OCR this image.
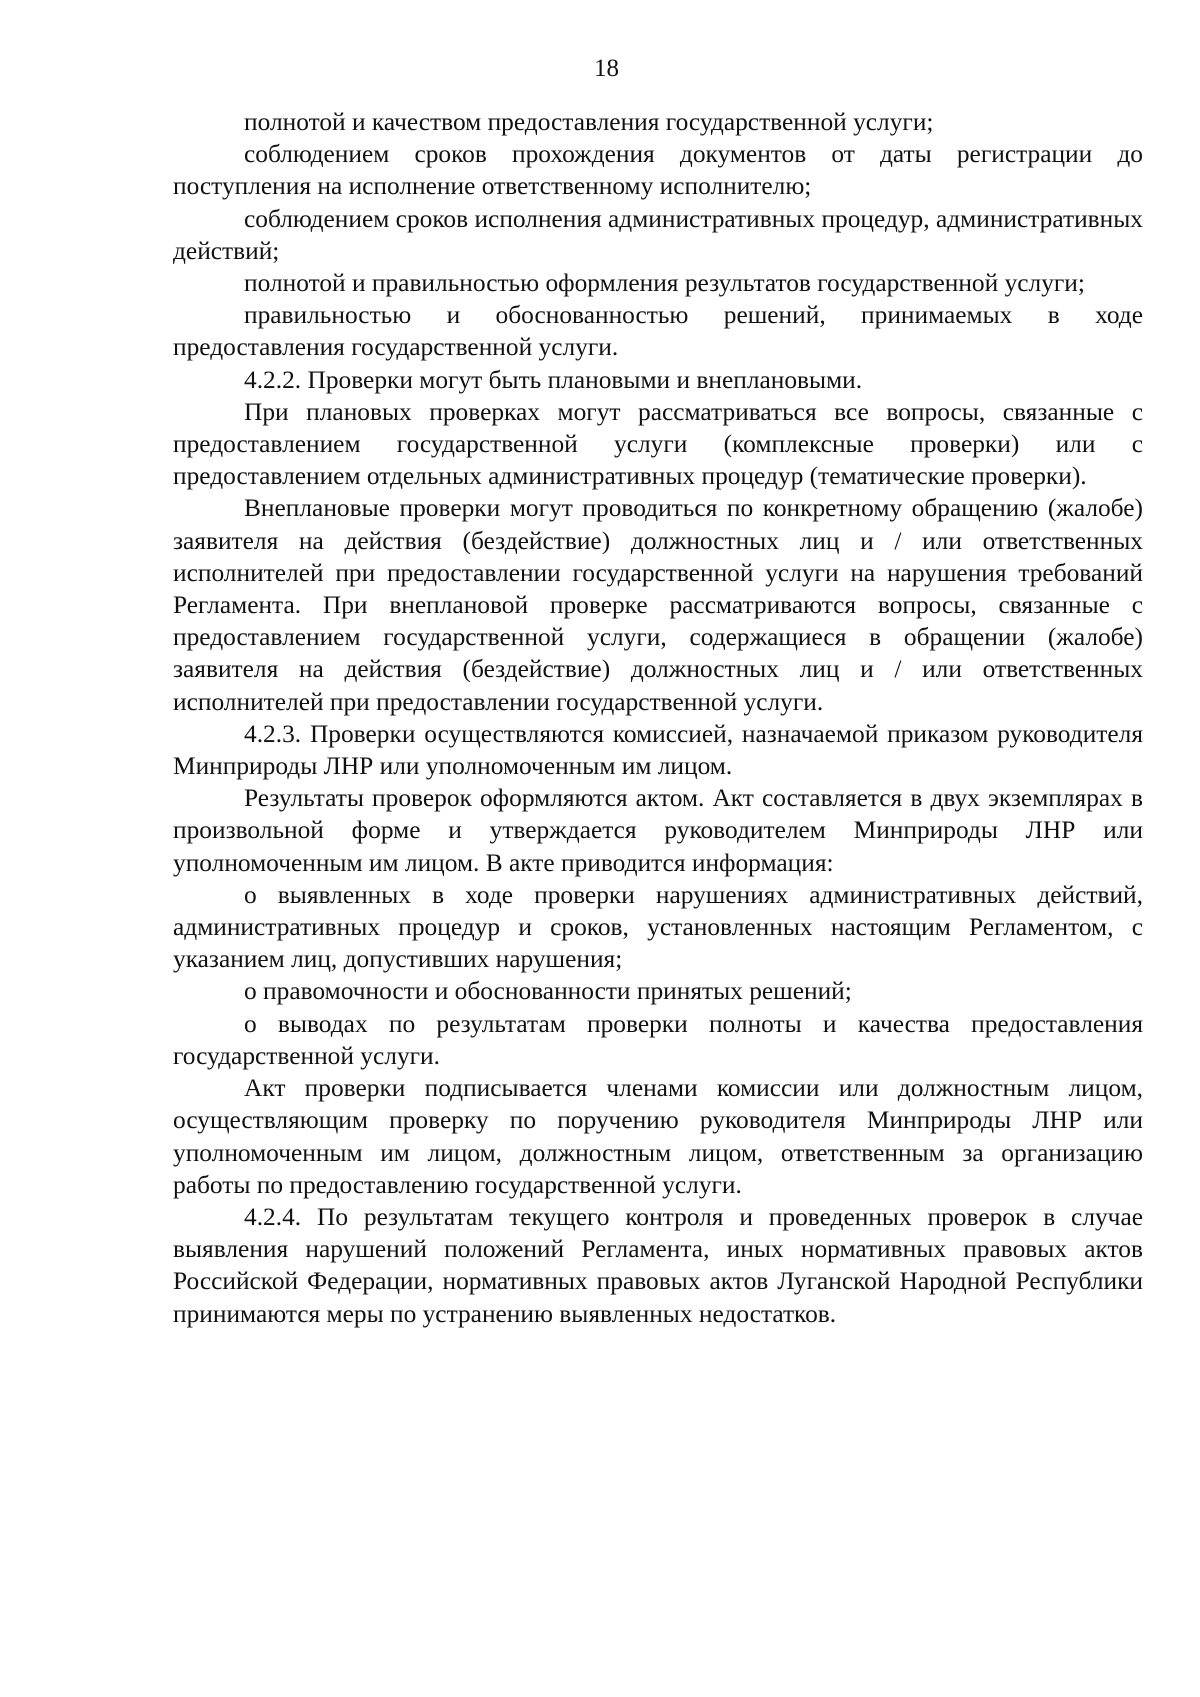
18

полнотой и качеством предоставления государственной услуги;

соблюдением сроков прохождения документов от даты регистрации до поступления на исполнение ответственному исполнителю;

соблюдением сроков исполнения административных процедур, административных действий;

полнотой и правильностью оформления результатов государственной услуги;

правильностью и обоснованностью решений, принимаемых в ходе предоставления государственной услуги.

4.2.2. Проверки могут быть плановыми и внеплановыми.

При плановых проверках могут рассматриваться все вопросы, связанные с предоставлением государственной услуги (комплексные проверки) или с предоставлением отдельных административных процедур (тематические проверки).

Внеплановые проверки могут проводиться по конкретному обращению (жалобе) заявителя на действия (бездействие) должностных лиц и / или ответственных исполнителей при предоставлении государственной услуги на нарушения требований Регламента. При внеплановой проверке рассматриваются вопросы, связанные с предоставлением государственной услуги, содержащиеся в обращении (жалобе) заявителя на действия (бездействие) должностных лиц и / или ответственных исполнителей при предоставлении государственной услуги.

4.2.3. Проверки осуществляются комиссией, назначаемой приказом руководителя Минприроды ЛНР или уполномоченным им лицом.

Результаты проверок оформляются актом. Акт составляется в двух экземплярах в произвольной форме и утверждается руководителем Минприроды ЛНР или уполномоченным им лицом. В акте приводится информация:

о выявленных в ходе проверки нарушениях административных действий, административных процедур и сроков, установленных настоящим Регламентом, с указанием лиц, допустивших нарушения;

о правомочности и обоснованности принятых решений;

о выводах по результатам проверки полноты и качества предоставления государственной услуги.

Акт проверки подписывается членами комиссии или должностным лицом, осуществляющим проверку по поручению руководителя Минприроды ЛНР или уполномоченным им лицом, должностным лицом, ответственным за организацию работы по предоставлению государственной услуги.

4.2.4. По результатам текущего контроля и проведенных проверок в случае выявления нарушений положений Регламента, иных нормативных правовых актов Российской Федерации, нормативных правовых актов Луганской Народной Республики принимаются меры по устранению выявленных недостатков.
